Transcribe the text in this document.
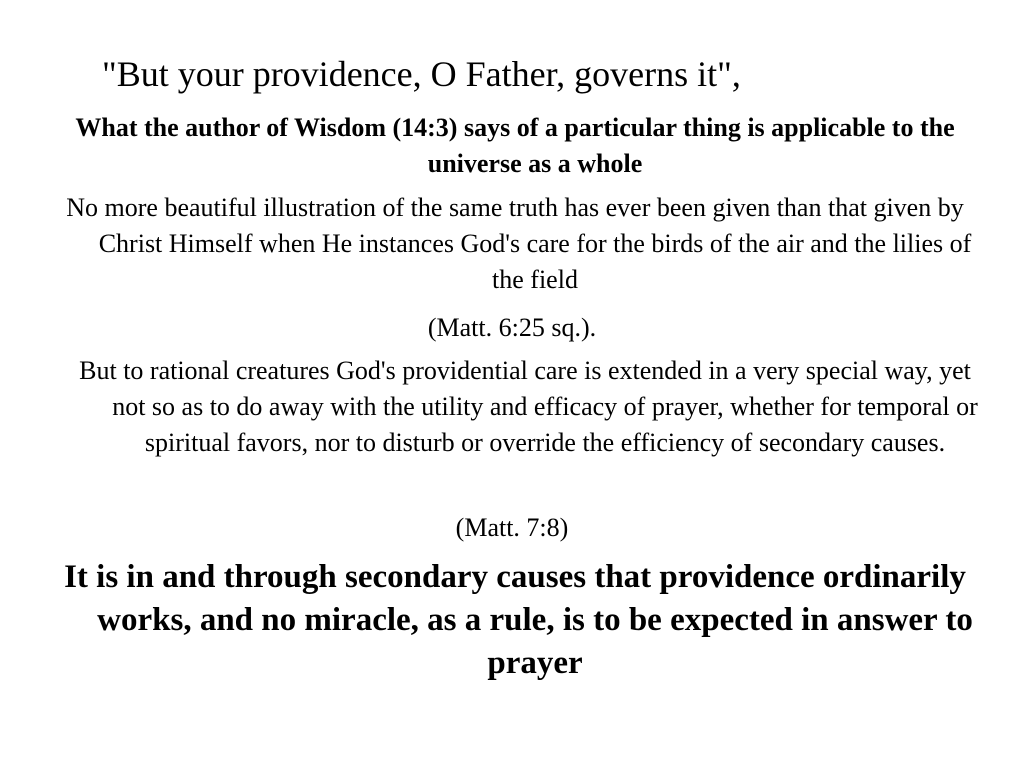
"But your providence, O Father, governs it",

What the author of Wisdom (14:3) says of a particular thing is applicable to the universe as a whole

No more beautiful illustration of the same truth has ever been given than that given by Christ Himself when He instances God's care for the birds of the air and the lilies of the field

(Matt. 6:25 sq.).

But to rational creatures God's providential care is extended in a very special way, yet not so as to do away with the utility and efficacy of prayer, whether for temporal or spiritual favors, nor to disturb or override the efficiency of secondary causes.

(Matt. 7:8)

It is in and through secondary causes that providence ordinarily works, and no miracle, as a rule, is to be expected in answer to prayer
